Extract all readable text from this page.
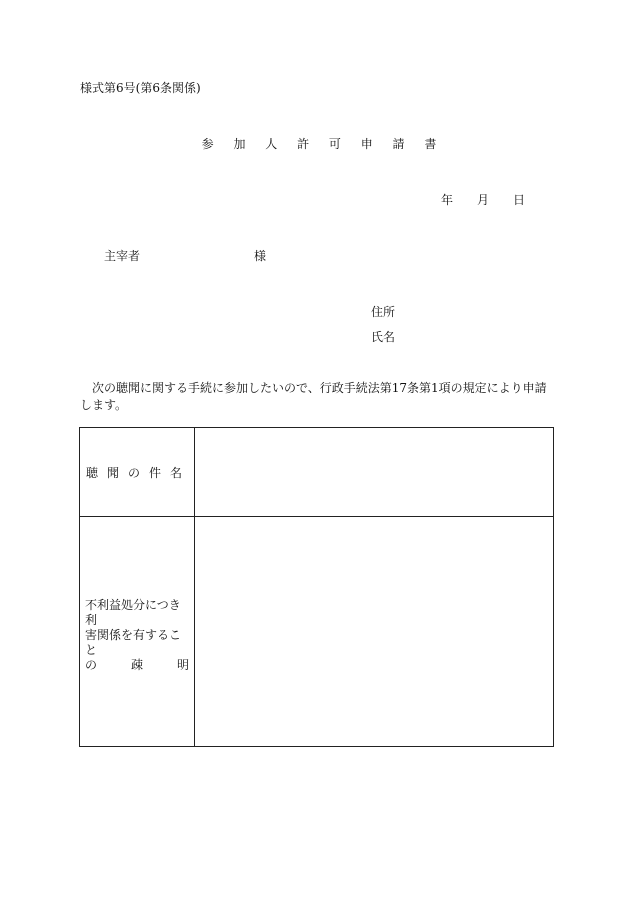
様式第6号(第6条関係)
参 加 人 許 可 申 請 書
年 月 日
主宰者	様
住所
氏名
次の聴聞に関する手続に参加したいので、行政手続法第17条第1項の規定により申請します。
聴聞の件名	

不利益処分につき利
害関係を有すること
の 疎 明	
